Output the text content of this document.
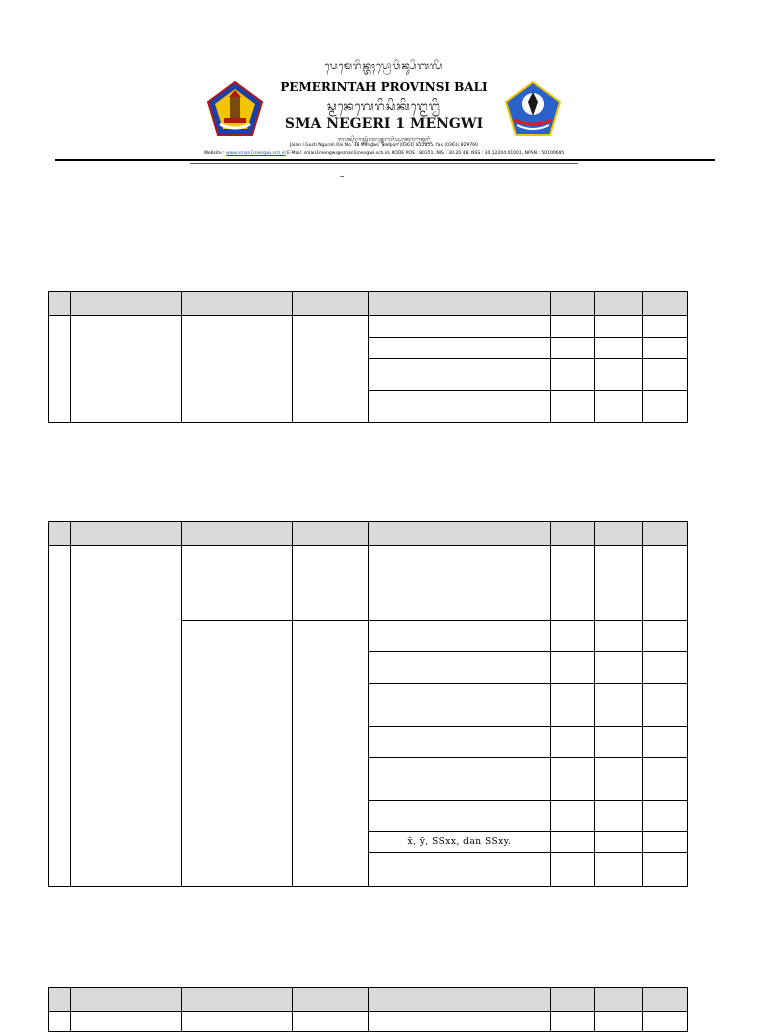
ᬧᬾᬫᬾᬭᬶᬦ᭄ᬢᬄᬧ᭄ᬭᭀᬯᬶᬦ᭄ᬲᬶᬩᬮᬶ
PEMERINTAH PROVINSI BALI
ᬲ᭄ᬫᬦᬾᬕᬾᬭᬶᬲᬶᬓᬶᬗ᭄ᬫᬾᬗ᭄ᬯᬶ
SMA NEGERI 1 MENGWI
ᬚᬮᬦ᭄ᬇᬕᬸᬲ᭄ᬢᬶᬕᬸᬭᬄᬦ᭄ᬕᬸᬭᬄᬭᬶᬬ᭄ᬲᬓᬾᬗᬾᬓ᭄ᬫᬾᬗ᭄ᬯᬶ
Jalan I Gusti Ngurah Rai No. 38 Mengwi, Telepon (0361) 811855, fax (0361) 829760
Website : www.sman1mengwi.sch.id E-Mail: sman1mengwi@sman1mengwi.sch.id, KODE POS : 80351, NIS : 30.20.48, NSS : 30.12204.01001, NPSN : 50100695
–

				x̄, ȳ, SSxx, dan SSxy.			
